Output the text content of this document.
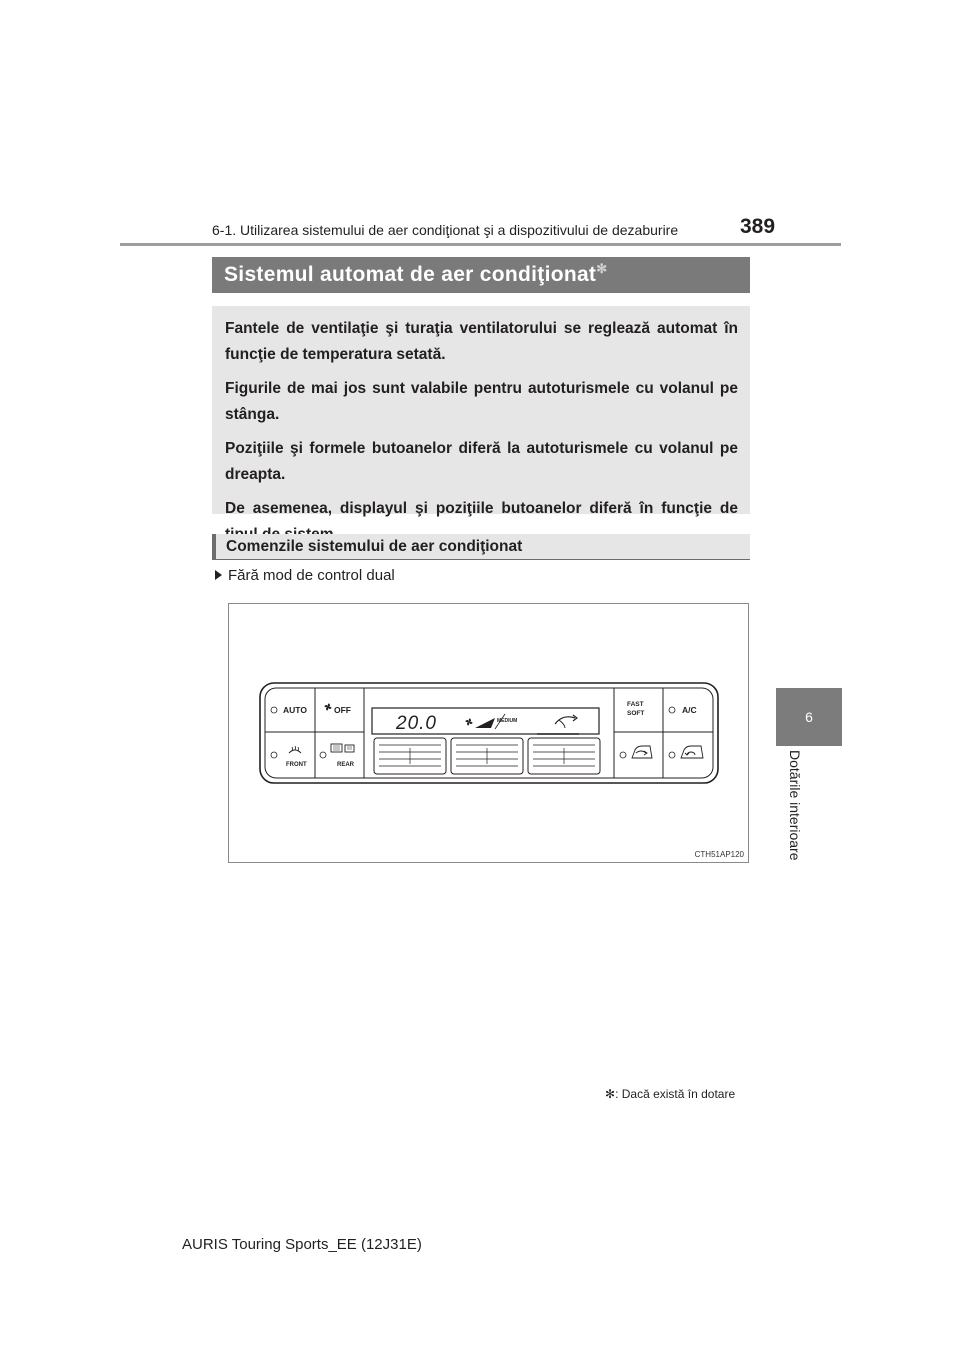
6-1. Utilizarea sistemului de aer condiţionat şi a dispozitivului de dezaburire	389
6
Dotările interioare
Sistemul automat de aer condiţionat✻

Fantele de ventilaţie şi turaţia ventilatorului se reglează automat în funcţie de temperatura setată.

Figurile de mai jos sunt valabile pentru autoturismele cu volanul pe stânga.

Poziţiile şi formele butoanelor diferă la autoturismele cu volanul pe dreapta.

De asemenea, displayul şi poziţiile butoanelor diferă în funcţie de

Comenzile sistemului de aer condiţionat
Fără mod de control dual
AUTO	OFF
FRONT	REAR
20.0	MEDIUM
FAST
SOFT	A/C
CTH51AP120
✻: Dacă există în dotare
AURIS Touring Sports_EE (12J31E)
